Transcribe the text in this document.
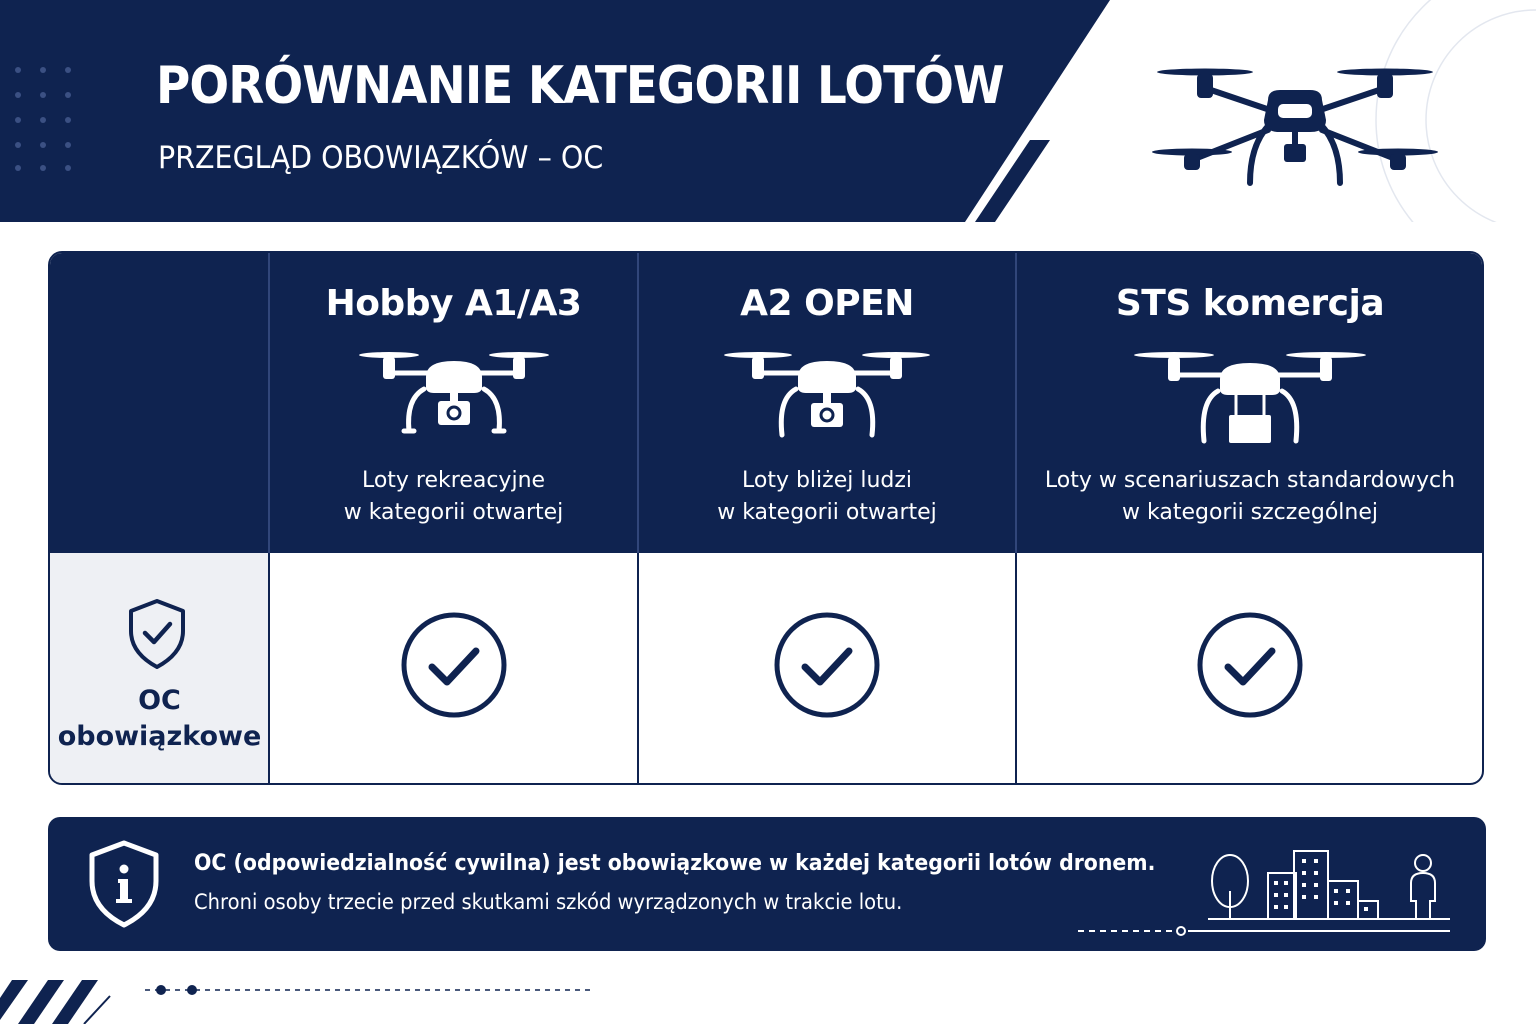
PORÓWNANIE KATEGORII LOTÓW
PRZEGLĄD OBOWIĄZKÓW – OC
OC
obowiązkowe
Hobby A1/A3
Loty rekreacyjne
w kategorii otwartej
A2 OPEN
Loty bliżej ludzi
w kategorii otwartej
STS komercja
Loty w scenariuszach standardowych
w kategorii szczególnej
OC (odpowiedzialność cywilna) jest obowiązkowe w każdej kategorii lotów dronem.
Chroni osoby trzecie przed skutkami szkód wyrządzonych w trakcie lotu.
